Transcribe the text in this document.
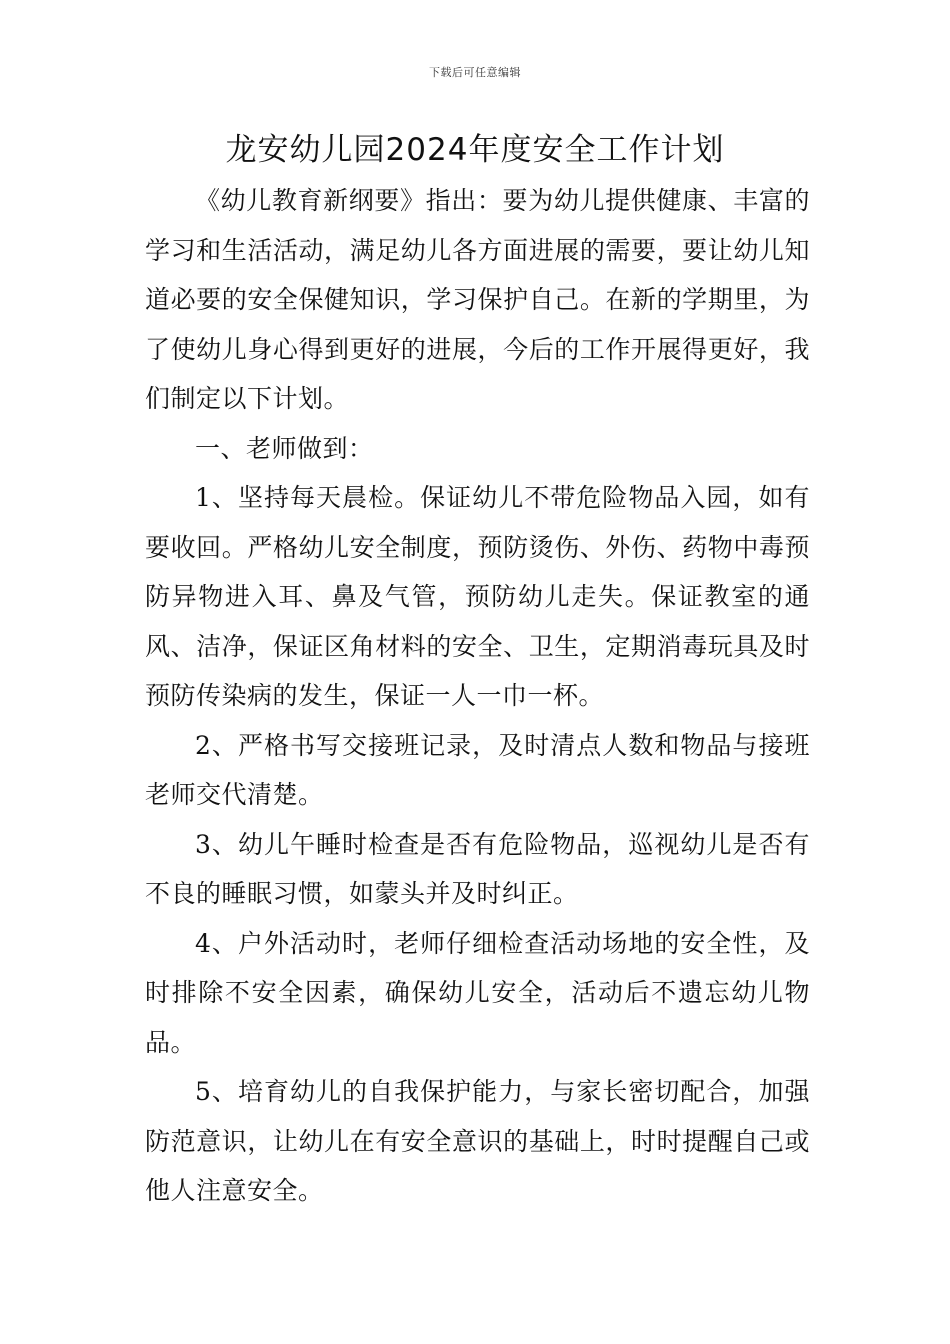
下载后可任意编辑
龙安幼儿园2024年度安全工作计划

《幼儿教育新纲要》指出：要为幼儿提供健康、丰富的学习和生活活动，满足幼儿各方面进展的需要，要让幼儿知道必要的安全保健知识，学习保护自己。在新的学期里，为了使幼儿身心得到更好的进展，今后的工作开展得更好，我们制定以下计划。

一、老师做到：

1、坚持每天晨检。保证幼儿不带危险物品入园，如有要收回。严格幼儿安全制度，预防烫伤、外伤、药物中毒预防异物进入耳、鼻及气管，预防幼儿走失。保证教室的通风、洁净，保证区角材料的安全、卫生，定期消毒玩具及时预防传染病的发生，保证一人一巾一杯。

2、严格书写交接班记录，及时清点人数和物品与接班老师交代清楚。

3、幼儿午睡时检查是否有危险物品，巡视幼儿是否有不良的睡眠习惯，如蒙头并及时纠正。

4、户外活动时，老师仔细检查活动场地的安全性，及时排除不安全因素，确保幼儿安全，活动后不遗忘幼儿物品。

5、培育幼儿的自我保护能力，与家长密切配合，加强防范意识，让幼儿在有安全意识的基础上，时时提醒自己或他人注意安全。
